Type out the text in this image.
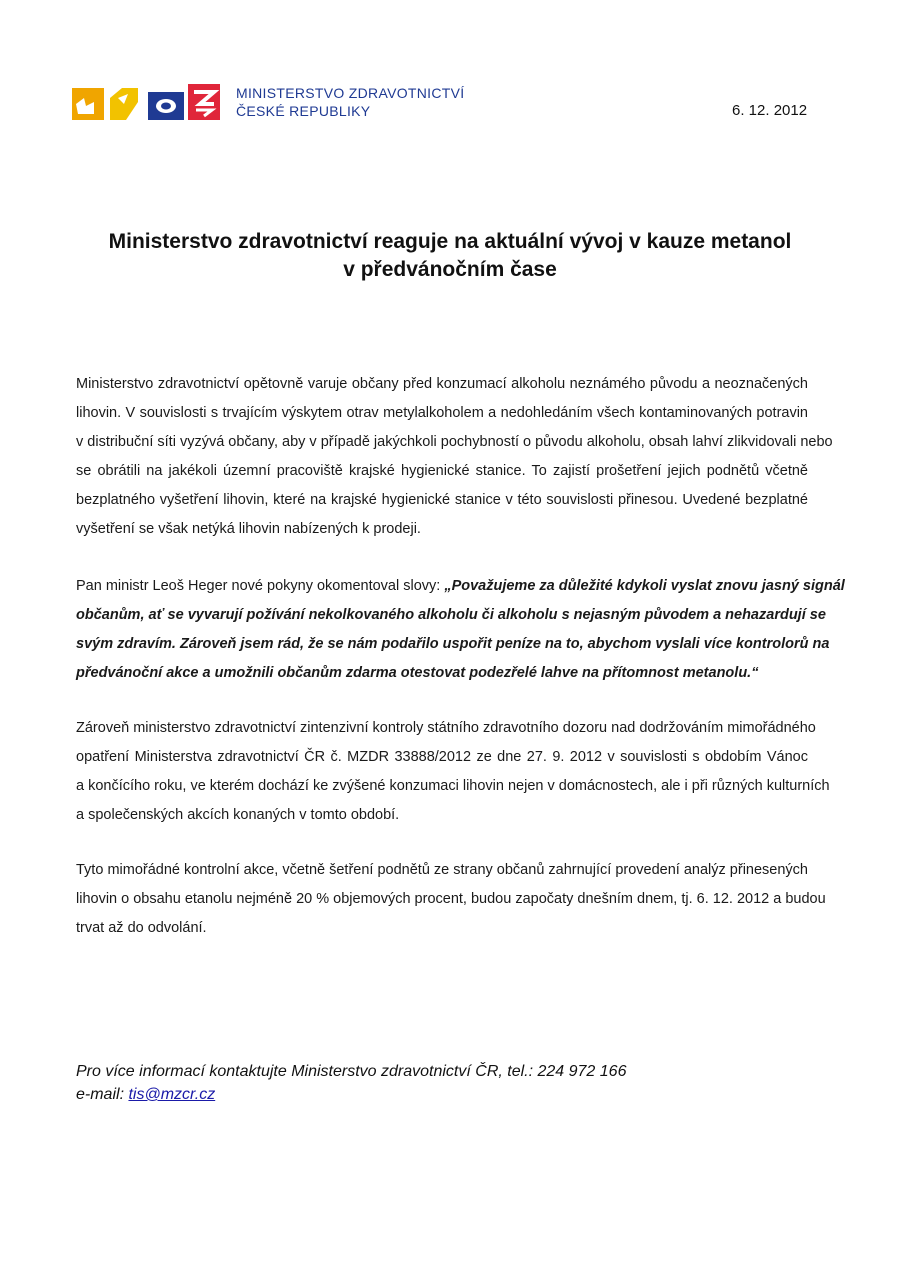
MINISTERSTVO ZDRAVOTNICTVÍ
ČESKÉ REPUBLIKY	6. 12. 2012
Ministerstvo zdravotnictví reaguje na aktuální vývoj v kauze metanol
v předvánočním čase
Ministerstvo zdravotnictví opětovně varuje občany před konzumací alkoholu neznámého původu a neoznačených
lihovin. V souvislosti s trvajícím výskytem otrav metylalkoholem a nedohledáním všech kontaminovaných potravin
v distribuční síti vyzývá občany, aby v případě jakýchkoli pochybností o původu alkoholu, obsah lahví zlikvidovali nebo
se obrátili na jakékoli územní pracoviště krajské hygienické stanice. To zajistí prošetření jejich podnětů včetně
bezplatného vyšetření lihovin, které na krajské hygienické stanice v této souvislosti přinesou. Uvedené bezplatné
vyšetření se však netýká lihovin nabízených k prodeji.
Pan ministr Leoš Heger nové pokyny okomentoval slovy: „Považujeme za důležité kdykoli vyslat znovu jasný signál
občanům, ať se vyvarují požívání nekolkovaného alkoholu či alkoholu s nejasným původem a nehazardují se
svým zdravím. Zároveň jsem rád, že se nám podařilo uspořit peníze na to, abychom vyslali více kontrolorů na
předvánoční akce a umožnili občanům zdarma otestovat podezřelé lahve na přítomnost metanolu.“
Zároveň ministerstvo zdravotnictví zintenzivní kontroly státního zdravotního dozoru nad dodržováním mimořádného
opatření Ministerstva zdravotnictví ČR č. MZDR 33888/2012 ze dne 27. 9. 2012 v souvislosti s obdobím Vánoc
a končícího roku, ve kterém dochází ke zvýšené konzumaci lihovin nejen v domácnostech, ale i při různých kulturních
a společenských akcích konaných v tomto období.
Tyto mimořádné kontrolní akce, včetně šetření podnětů ze strany občanů zahrnující provedení analýz přinesených
lihovin o obsahu etanolu nejméně 20 % objemových procent, budou započaty dnešním dnem, tj. 6. 12. 2012 a budou
trvat až do odvolání.
Pro více informací kontaktujte Ministerstvo zdravotnictví ČR, tel.: 224 972 166
e-mail: tis@mzcr.cz
